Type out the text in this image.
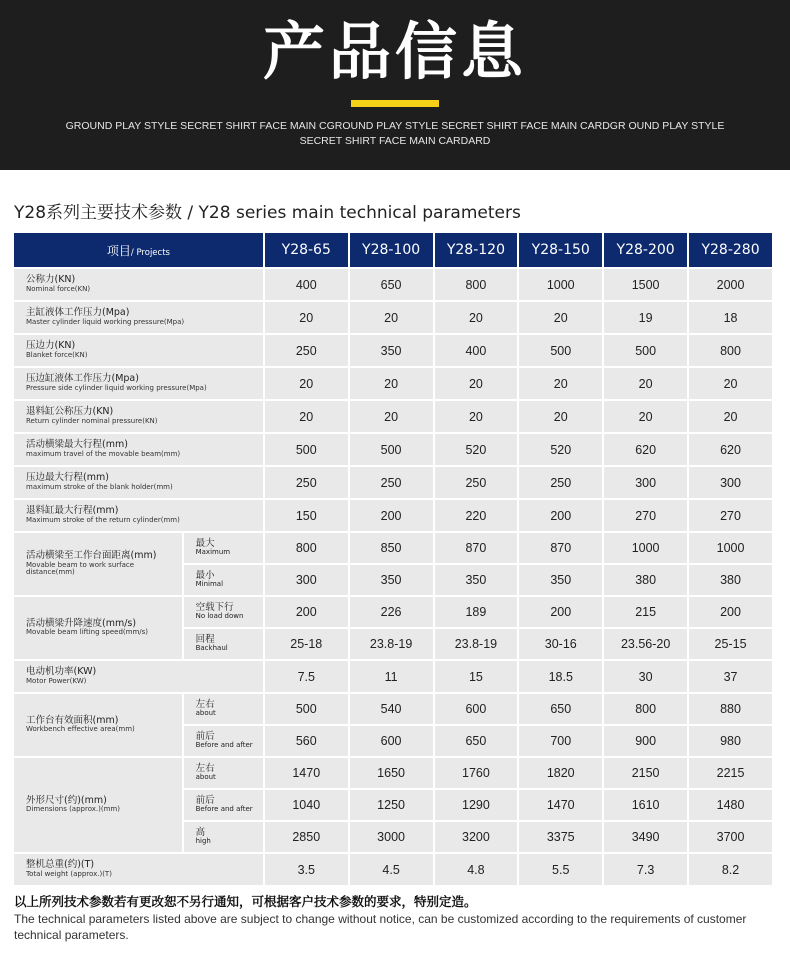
产品信息
GROUND PLAY STYLE SECRET SHIRT FACE MAIN CGROUND PLAY STYLE SECRET SHIRT FACE MAIN CARDGR OUND PLAY STYLE SECRET SHIRT FACE MAIN CARDARD
Y28系列主要技术参数 / Y28 series main technical parameters
项目/ Projects		Y28-65	Y28-100	Y28-120	Y28-150	Y28-200	Y28-280

公称力(KN)
Nominal force(KN)		400	650	800	1000	1500	2000

主缸液体工作压力(Mpa)
Master cylinder liquid working pressure(Mpa)		20	20	20	20	19	18

压边力(KN)
Blanket force(KN)		250	350	400	500	500	800

压边缸液体工作压力(Mpa)
Pressure side cylinder liquid working pressure(Mpa)		20	20	20	20	20	20

退料缸公称压力(KN)
Return cylinder nominal pressure(KN)		20	20	20	20	20	20

活动横梁最大行程(mm)
maximum travel of the movable beam(mm)		500	500	520	520	620	620

压边最大行程(mm)
maximum stroke of the blank holder(mm)		250	250	250	250	300	300

退料缸最大行程(mm)
Maximum stroke of the return cylinder(mm)		150	200	220	200	270	270

活动横梁至工作台面距离(mm)
Movable beam to work surface distance(mm)	最大
Maximum	800	850	870	870	1000	1000

	最小
Minimal	300	350	350	350	380	380

活动横梁升降速度(mm/s)
Movable beam lifting speed(mm/s)	空载下行
No load down	200	226	189	200	215	200

	回程
Backhaul	25-18	23.8-19	23.8-19	30-16	23.56-20	25-15

电动机功率(KW)
Motor Power(KW)		7.5	11	15	18.5	30	37

工作台有效面积(mm)
Workbench effective area(mm)	左右
about	500	540	600	650	800	880

	前后
Before and after	560	600	650	700	900	980

外形尺寸(约)(mm)
Dimensions (approx.)(mm)	左右
about	1470	1650	1760	1820	2150	2215

	前后
Before and after	1040	1250	1290	1470	1610	1480

	高
high	2850	3000	3200	3375	3490	3700

整机总重(约)(T)
Total weight (approx.)(T)		3.5	4.5	4.8	5.5	7.3	8.2
以上所列技术参数若有更改恕不另行通知，可根据客户技术参数的要求，特别定造。
The technical parameters listed above are subject to change without notice, can be customized according to the requirements of customer technical parameters.
